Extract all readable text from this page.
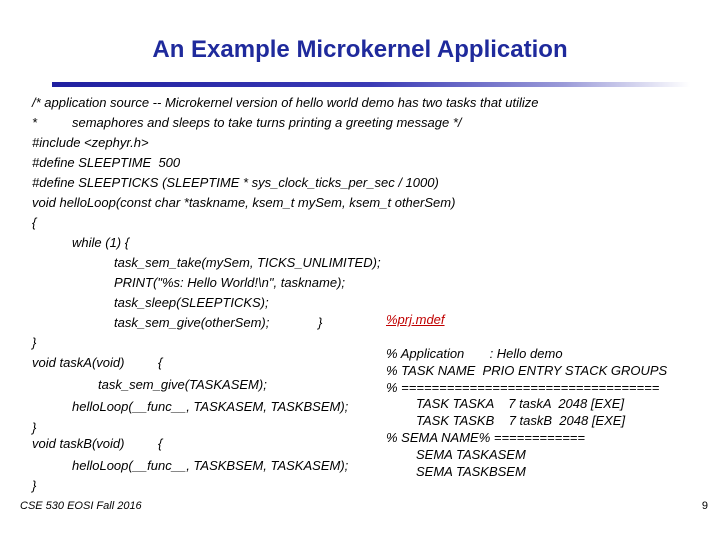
An Example Microkernel Application

/* application source -- Microkernel version of hello world demo has two tasks that utilize

*

	semaphores and sleeps to take turns printing a greeting message */

#include <zephyr.h>

#define SLEEPTIME  500

#define SLEEPTICKS (SLEEPTIME * sys_clock_ticks_per_sec / 1000)

void helloLoop(const char *taskname, ksem_t mySem, ksem_t otherSem)

{

while (1) {

task_sem_take(mySem, TICKS_UNLIMITED);

PRINT("%s: Hello World!\n", taskname);

task_sleep(SLEEPTICKS);

task_sem_give(otherSem);

	}

}

void taskA(void)

	{

task_sem_give(TASKASEM);

helloLoop(__func__, TASKASEM, TASKBSEM);

}

void taskB(void)

	{

helloLoop(__func__, TASKBSEM, TASKASEM);

}

%prj.mdef
% Application       : Hello demo
% TASK NAME  PRIO ENTRY STACK GROUPS
% ==================================
TASK TASKA    7 taskA  2048 [EXE]
TASK TASKB    7 taskB  2048 [EXE]
% SEMA NAME% ============
SEMA TASKASEM
SEMA TASKBSEM
CSE 530 EOSI Fall 2016	9
